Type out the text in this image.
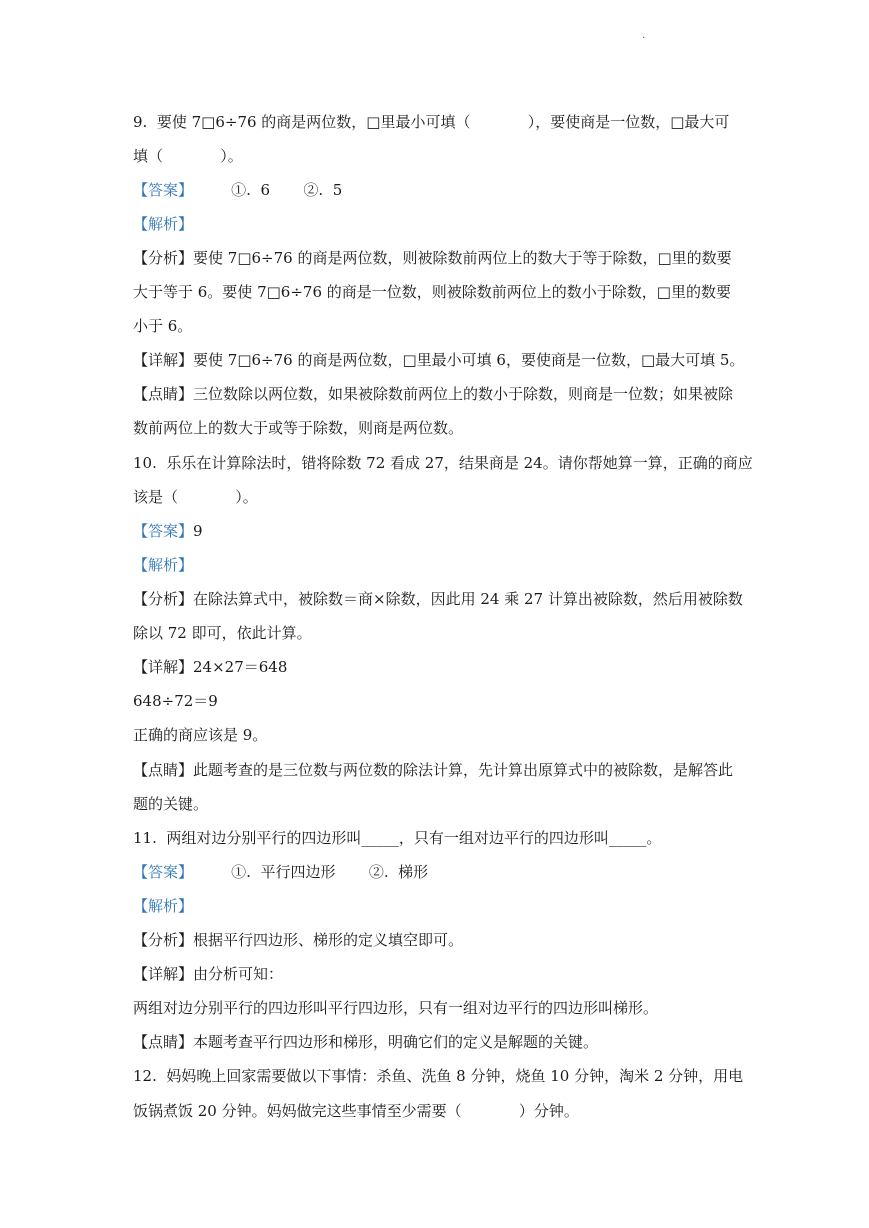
.
9.  要使 7□6÷76 的商是两位数，□里最小可填（            ），要使商是一位数，□最大可
填（            ）。
【答案】        ①.  6       ②.  5
【解析】
【分析】要使 7□6÷76 的商是两位数，则被除数前两位上的数大于等于除数，□里的数要
大于等于 6。要使 7□6÷76 的商是一位数，则被除数前两位上的数小于除数，□里的数要
小于 6。
【详解】要使 7□6÷76 的商是两位数，□里最小可填 6，要使商是一位数，□最大可填 5。
【点睛】三位数除以两位数，如果被除数前两位上的数小于除数，则商是一位数；如果被除
数前两位上的数大于或等于除数，则商是两位数。
10.  乐乐在计算除法时，错将除数 72 看成 27，结果商是 24。请你帮她算一算，正确的商应
该是（            ）。
【答案】9
【解析】
【分析】在除法算式中，被除数＝商×除数，因此用 24 乘 27 计算出被除数，然后用被除数
除以 72 即可，依此计算。
【详解】24×27＝648
648÷72＝9
正确的商应该是 9。
【点睛】此题考查的是三位数与两位数的除法计算，先计算出原算式中的被除数，是解答此
题的关键。
11.  两组对边分别平行的四边形叫_____，只有一组对边平行的四边形叫_____。
【答案】        ①.  平行四边形       ②.  梯形
【解析】
【分析】根据平行四边形、梯形的定义填空即可。
【详解】由分析可知：
两组对边分别平行的四边形叫平行四边形，只有一组对边平行的四边形叫梯形。
【点睛】本题考查平行四边形和梯形，明确它们的定义是解题的关键。
12.  妈妈晚上回家需要做以下事情：杀鱼、洗鱼 8 分钟，烧鱼 10 分钟，淘米 2 分钟，用电
饭锅煮饭 20 分钟。妈妈做完这些事情至少需要（            ）分钟。
